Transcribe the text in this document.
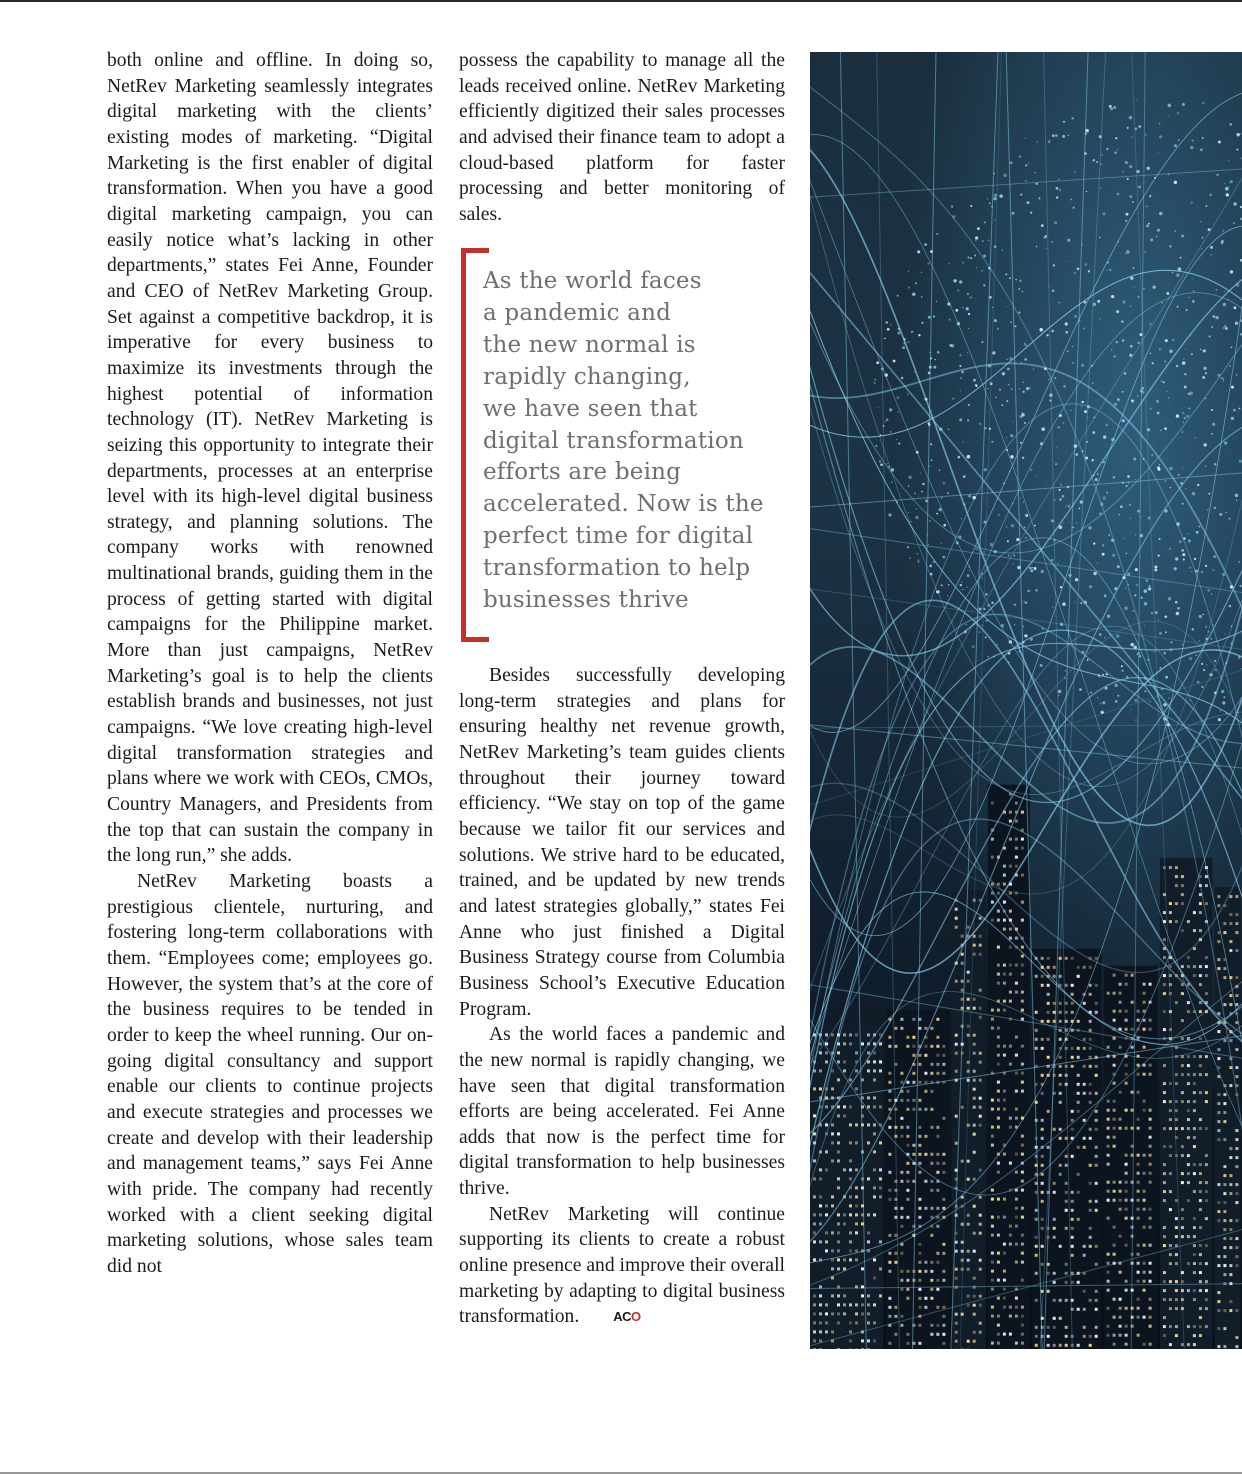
both online and offline. In doing so, NetRev Marketing seamlessly integrates digital marketing with the clients’ existing modes of marketing. “Digital Marketing is the first enabler of digital transformation. When you have a good digital marketing campaign, you can easily notice what’s lacking in other departments,” states Fei Anne, Founder and CEO of NetRev Marketing Group. Set against a competitive backdrop, it is imperative for every business to maximize its investments through the highest potential of information technology (IT). NetRev Marketing is seizing this opportunity to integrate their departments, processes at an enterprise level with its high-level digital business strategy, and planning solutions. The company works with renowned multinational brands, guiding them in the process of getting started with digital campaigns for the Philippine market. More than just campaigns, NetRev Marketing’s goal is to help the clients establish brands and businesses, not just campaigns. “We love creating high-level digital transformation strategies and plans where we work with CEOs, CMOs, Country Managers, and Presidents from the top that can sustain the company in the long run,” she adds.

NetRev Marketing boasts a prestigious clientele, nurturing, and fostering long-term collaborations with them. “Employees come; employees go. However, the system that’s at the core of the business requires to be tended in order to keep the wheel running. Our on-going digital consultancy and support enable our clients to continue projects and execute strategies and processes we create and develop with their leadership and management teams,” says Fei Anne with pride. The company had recently worked with a client seeking digital marketing solutions, whose sales team did not

possess the capability to manage all the leads received online. NetRev Marketing efficiently digitized their sales processes and advised their finance team to adopt a cloud-based platform for faster processing and better monitoring of sales.

As the world faces
a pandemic and
the new normal is
rapidly changing,
we have seen that
digital transformation
efforts are being
accelerated. Now is the
perfect time for digital
transformation to help
businesses thrive

Besides successfully developing long-term strategies and plans for ensuring healthy net revenue growth, NetRev Marketing’s team guides clients throughout their journey toward efficiency. “We stay on top of the game because we tailor fit our services and solutions. We strive hard to be educated, trained, and be updated by new trends and latest strategies globally,” states Fei Anne who just finished a Digital Business Strategy course from Columbia Business School’s Executive Education Program.

As the world faces a pandemic and the new normal is rapidly changing, we have seen that digital transformation efforts are being accelerated. Fei Anne adds that now is the perfect time for digital transformation to help businesses thrive.

NetRev Marketing will continue supporting its clients to create a robust online presence and improve their overall marketing by adapting to digital business transformation.	ACO
